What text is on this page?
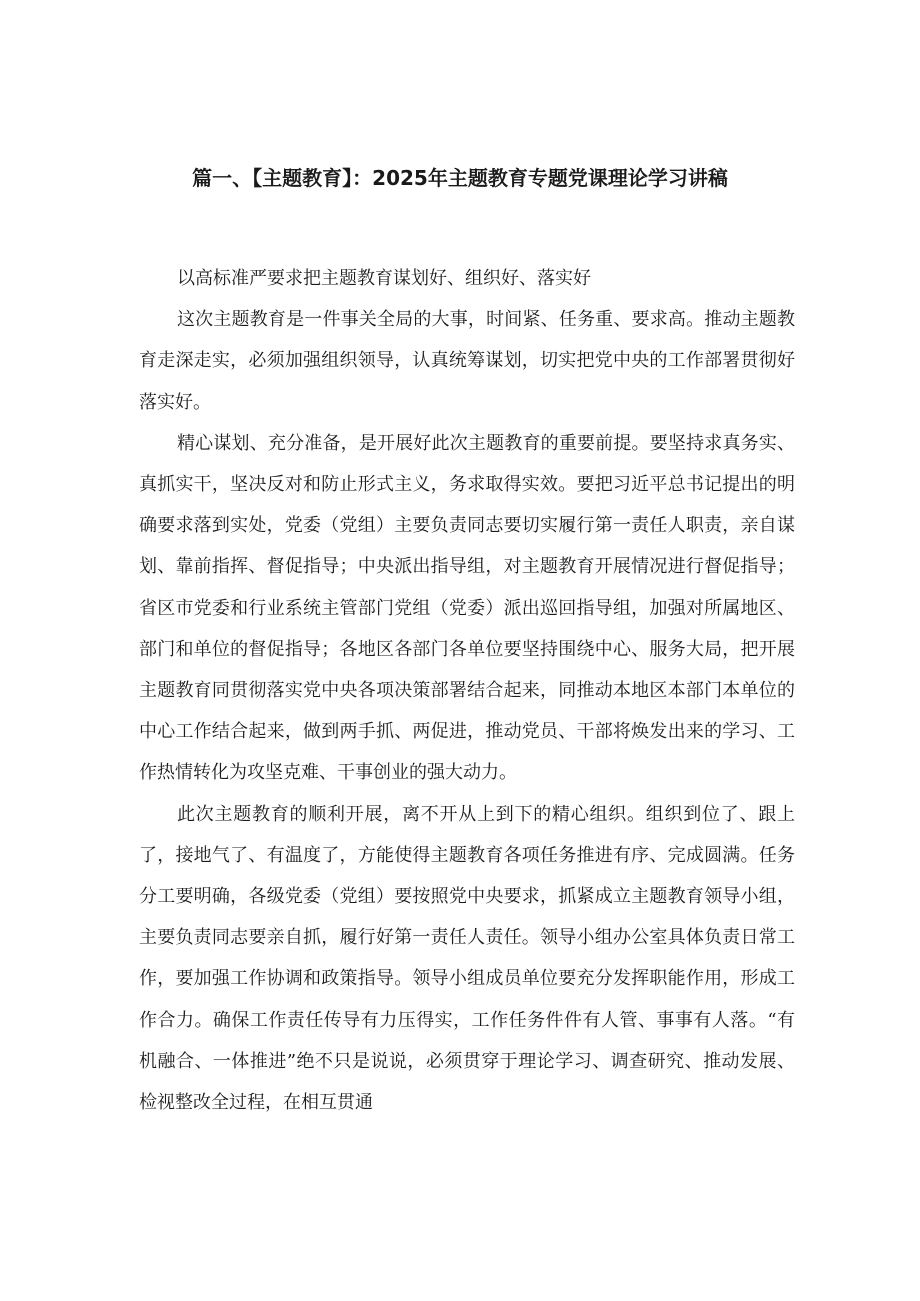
篇一、【主题教育】：2025年主题教育专题党课理论学习讲稿

以高标准严要求把主题教育谋划好、组织好、落实好

这次主题教育是一件事关全局的大事，时间紧、任务重、要求高。推动主题教育走深走实，必须加强组织领导，认真统筹谋划，切实把党中央的工作部署贯彻好落实好。

精心谋划、充分准备，是开展好此次主题教育的重要前提。要坚持求真务实、真抓实干，坚决反对和防止形式主义，务求取得实效。要把习近平总书记提出的明确要求落到实处，党委（党组）主要负责同志要切实履行第一责任人职责，亲自谋划、靠前指挥、督促指导；中央派出指导组，对主题教育开展情况进行督促指导；省区市党委和行业系统主管部门党组（党委）派出巡回指导组，加强对所属地区、部门和单位的督促指导；各地区各部门各单位要坚持围绕中心、服务大局，把开展主题教育同贯彻落实党中央各项决策部署结合起来，同推动本地区本部门本单位的中心工作结合起来，做到两手抓、两促进，推动党员、干部将焕发出来的学习、工作热情转化为攻坚克难、干事创业的强大动力。

此次主题教育的顺利开展，离不开从上到下的精心组织。组织到位了、跟上了，接地气了、有温度了，方能使得主题教育各项任务推进有序、完成圆满。任务分工要明确，各级党委（党组）要按照党中央要求，抓紧成立主题教育领导小组，主要负责同志要亲自抓，履行好第一责任人责任。领导小组办公室具体负责日常工作，要加强工作协调和政策指导。领导小组成员单位要充分发挥职能作用，形成工作合力。确保工作责任传导有力压得实，工作任务件件有人管、事事有人落。“有机融合、一体推进”绝不只是说说，必须贯穿于理论学习、调查研究、推动发展、检视整改全过程，在相互贯通
